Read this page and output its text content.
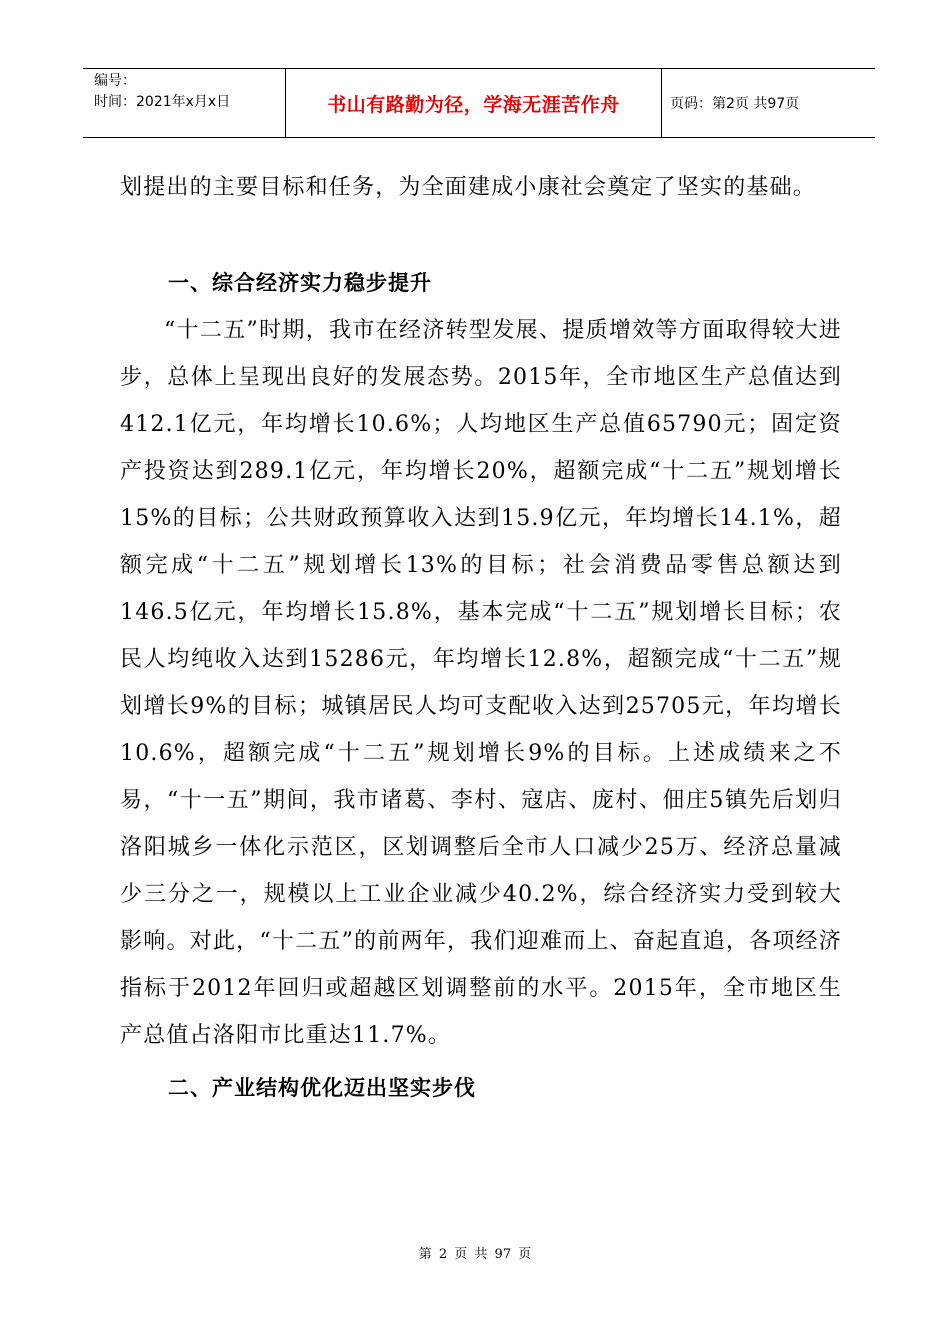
编号：
时间：2021年x月x日	书山有路勤为径，学海无涯苦作舟	页码：第2页 共97页

划提出的主要目标和任务，为全面建成小康社会奠定了坚实的基础。

一、综合经济实力稳步提升

“十二五”时期，我市在经济转型发展、提质增效等方面取得较大进步，总体上呈现出良好的发展态势。2015年，全市地区生产总值达到412.1亿元，年均增长10.6%；人均地区生产总值65790元；固定资产投资达到289.1亿元，年均增长20%，超额完成“十二五”规划增长15%的目标；公共财政预算收入达到15.9亿元，年均增长14.1%，超额完成“十二五”规划增长13%的目标；社会消费品零售总额达到146.5亿元，年均增长15.8%，基本完成“十二五”规划增长目标；农民人均纯收入达到15286元，年均增长12.8%，超额完成“十二五”规划增长9%的目标；城镇居民人均可支配收入达到25705元，年均增长10.6%，超额完成“十二五”规划增长9%的目标。上述成绩来之不易，“十一五”期间，我市诸葛、李村、寇店、庞村、佃庄5镇先后划归洛阳城乡一体化示范区，区划调整后全市人口减少25万、经济总量减少三分之一，规模以上工业企业减少40.2%，综合经济实力受到较大影响。对此，“十二五”的前两年，我们迎难而上、奋起直追，各项经济指标于2012年回归或超越区划调整前的水平。2015年，全市地区生产总值占洛阳市比重达11.7%。

二、产业结构优化迈出坚实步伐
第 2 页 共 97 页
